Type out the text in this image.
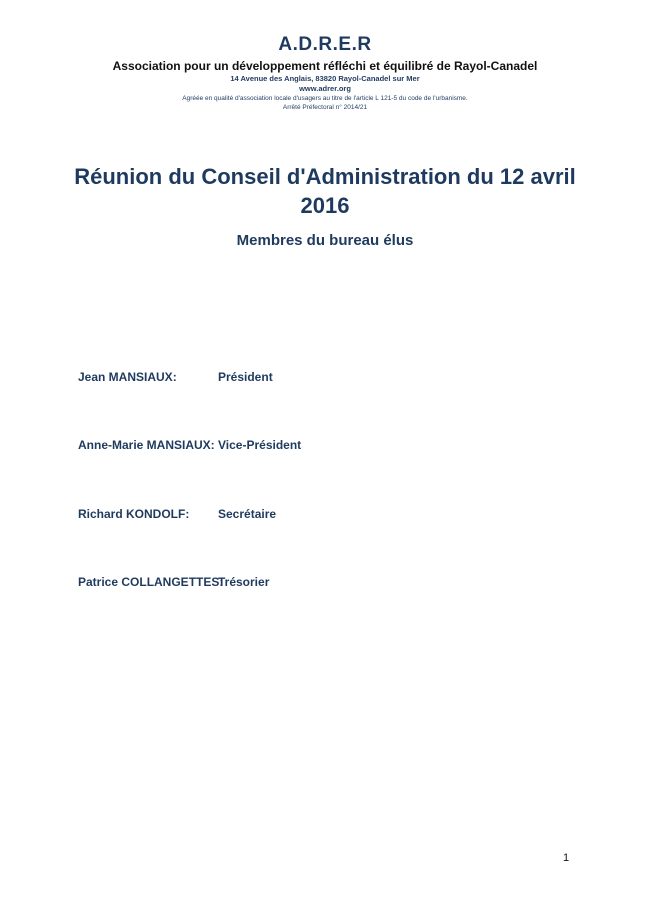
A.D.R.E.R
Association pour un développement réfléchi et équilibré de Rayol-Canadel
14 Avenue des Anglais, 83820 Rayol-Canadel sur Mer
www.adrer.org
Agréée en qualité d'association locale d'usagers au titre de l'article L 121-5 du code de l'urbanisme.
Arrêté Préfectoral n° 2014/21
Réunion du Conseil d'Administration du 12 avril 2016
Membres du bureau élus
Jean MANSIAUX:	Président
Anne-Marie MANSIAUX: Vice-Président
Richard KONDOLF: Secrétaire
Patrice COLLANGETTES:
Trésorier
1
